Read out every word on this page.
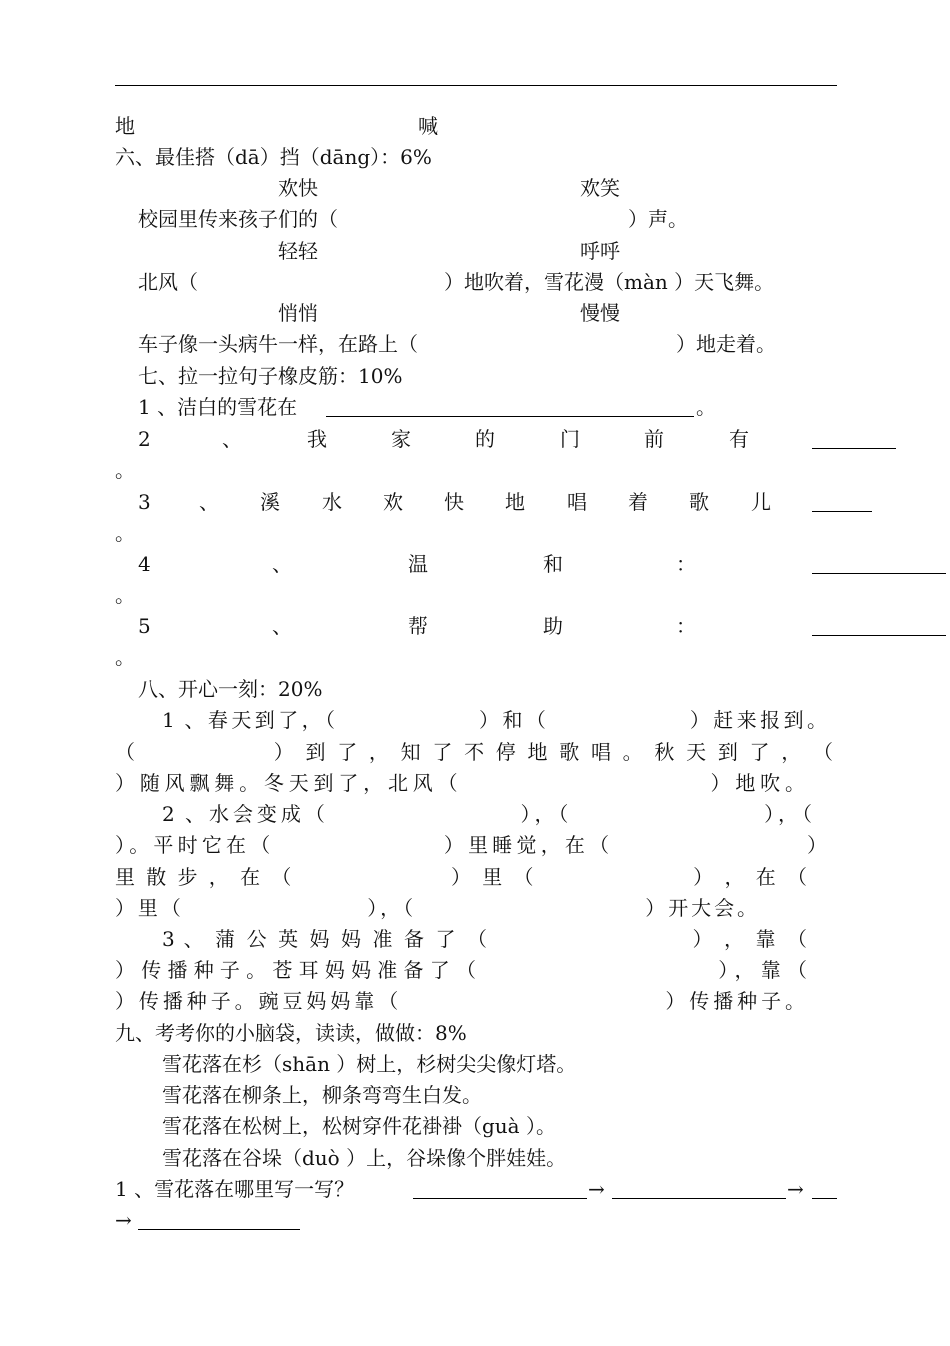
地	喊
六、最佳搭（dā）挡（dāng）：6%
欢快	欢笑
校园里传来孩子们的（	）声。
轻轻	呼呼
北风（	）地吹着，雪花漫（màn ）天飞舞。
悄悄	慢慢
车子像一头病牛一样，在路上（	）地走着。
七、拉一拉句子橡皮筋：10%
1 、洁白的雪花在	。
2	、	我	家	的	门	前	有
。
3 、 溪 水 欢 快 地 唱 着 歌 儿
。
4	、	温	和	：
。
5	、	帮	助	：
。
八、开心一刻：20%
1 、春天到了，（　　　　　　）和（　　　　　　）赶来报到。
（　　　　　　） 到 了 ， 知 了 不 停 地 歌 唱 。 秋 天 到 了 ， （
）随风飘舞。冬天到了，北风（　　　　　　　　　　）地吹。
2 、水会变成（　　　　　　　　），（　　　　　　　　），（
）。平时它在（　　　　　　　）里睡觉，在（　　　　　　　　）
里 散 步 ， 在 （　　　　　　　） 里 （　　　　　　　） ， 在 （
）里（　　　　　　　　），（　　　　　　　　　　）开大会。
3 、 蒲 公 英 妈 妈 准 备 了 （　　　　　　　　　） ， 靠 （
）传播种子。苍耳妈妈准备了（　　　　　　　　　），靠（
）传播种子。豌豆妈妈靠（　　　　　　　　　　　）传播种子。
九、考考你的小脑袋，读读，做做：8%
雪花落在杉（shān ）树上，杉树尖尖像灯塔。
雪花落在柳条上，柳条弯弯生白发。
雪花落在松树上，松树穿件花褂褂（guà ）。
雪花落在谷垛（duò ）上，谷垛像个胖娃娃。
1 、雪花落在哪里写一写？	→	→
→
